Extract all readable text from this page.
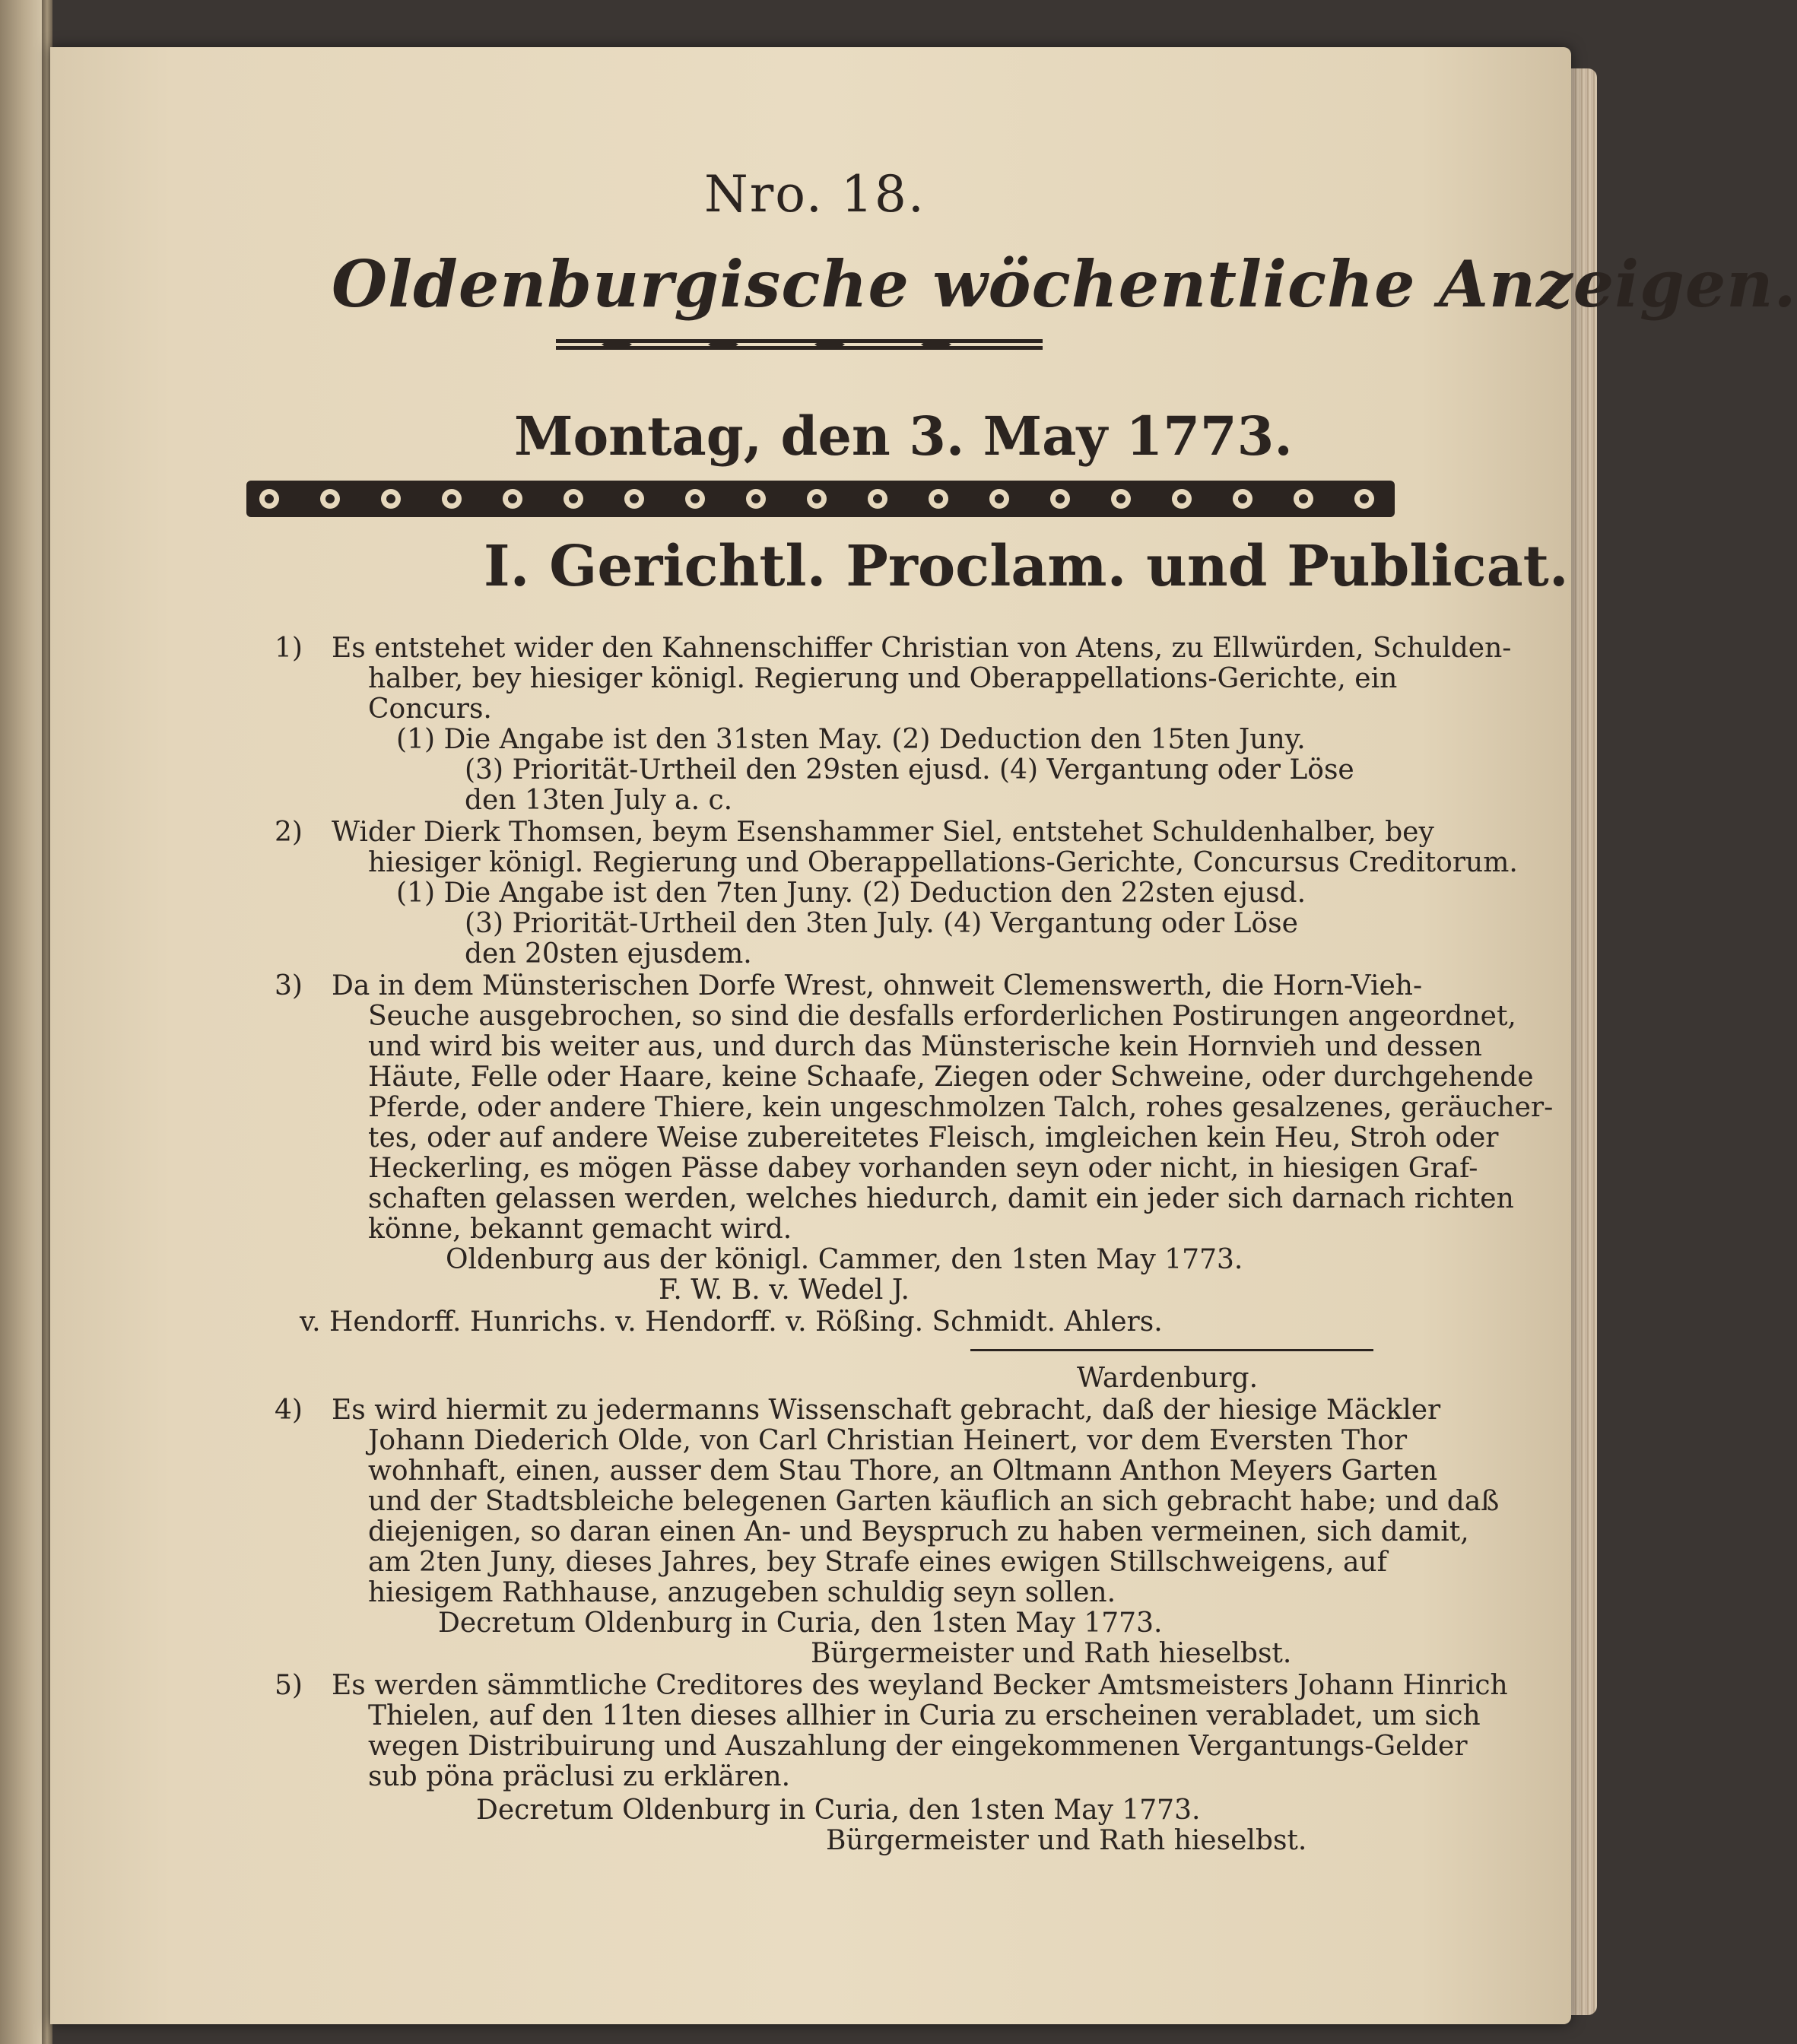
Nro. 18.
Oldenburgische wöchentliche Anzeigen.
Montag, den 3. May 1773.
I. Gerichtl. Proclam. und Publicat.
1) Es entstehet wider den Kahnenschiffer Christian von Atens, zu Ellwürden, Schulden-
halber, bey hiesiger königl. Regierung und Oberappellations-Gerichte, ein
Concurs.
(1) Die Angabe ist den 31sten May. (2) Deduction den 15ten Juny.
(3) Priorität-Urtheil den 29sten ejusd. (4) Vergantung oder Löse
den 13ten July a. c.
2) Wider Dierk Thomsen, beym Esenshammer Siel, entstehet Schuldenhalber, bey
hiesiger königl. Regierung und Oberappellations-Gerichte, Concursus Creditorum.
(1) Die Angabe ist den 7ten Juny. (2) Deduction den 22sten ejusd.
(3) Priorität-Urtheil den 3ten July. (4) Vergantung oder Löse
den 20sten ejusdem.
3) Da in dem Münsterischen Dorfe Wrest, ohnweit Clemenswerth, die Horn-Vieh-
Seuche ausgebrochen, so sind die desfalls erforderlichen Postirungen angeordnet,
und wird bis weiter aus, und durch das Münsterische kein Hornvieh und dessen
Häute, Felle oder Haare, keine Schaafe, Ziegen oder Schweine, oder durchgehende
Pferde, oder andere Thiere, kein ungeschmolzen Talch, rohes gesalzenes, geräucher-
tes, oder auf andere Weise zubereitetes Fleisch, imgleichen kein Heu, Stroh oder
Heckerling, es mögen Pässe dabey vorhanden seyn oder nicht, in hiesigen Graf-
schaften gelassen werden, welches hiedurch, damit ein jeder sich darnach richten
könne, bekannt gemacht wird.
Oldenburg aus der königl. Cammer, den 1sten May 1773.
F. W. B. v. Wedel J.
v. Hendorff. Hunrichs. v. Hendorff. v. Rößing. Schmidt. Ahlers.
Wardenburg.
4) Es wird hiermit zu jedermanns Wissenschaft gebracht, daß der hiesige Mäckler
Johann Diederich Olde, von Carl Christian Heinert, vor dem Eversten Thor
wohnhaft, einen, ausser dem Stau Thore, an Oltmann Anthon Meyers Garten
und der Stadtsbleiche belegenen Garten käuflich an sich gebracht habe; und daß
diejenigen, so daran einen An- und Beyspruch zu haben vermeinen, sich damit,
am 2ten Juny, dieses Jahres, bey Strafe eines ewigen Stillschweigens, auf
hiesigem Rathhause, anzugeben schuldig seyn sollen.
Decretum Oldenburg in Curia, den 1sten May 1773.
Bürgermeister und Rath hieselbst.
5) Es werden sämmtliche Creditores des weyland Becker Amtsmeisters Johann Hinrich
Thielen, auf den 11ten dieses allhier in Curia zu erscheinen verabladet, um sich
wegen Distribuirung und Auszahlung der eingekommenen Vergantungs-Gelder
sub pöna präclusi zu erklären.
Decretum Oldenburg in Curia, den 1sten May 1773.
Bürgermeister und Rath hieselbst.
